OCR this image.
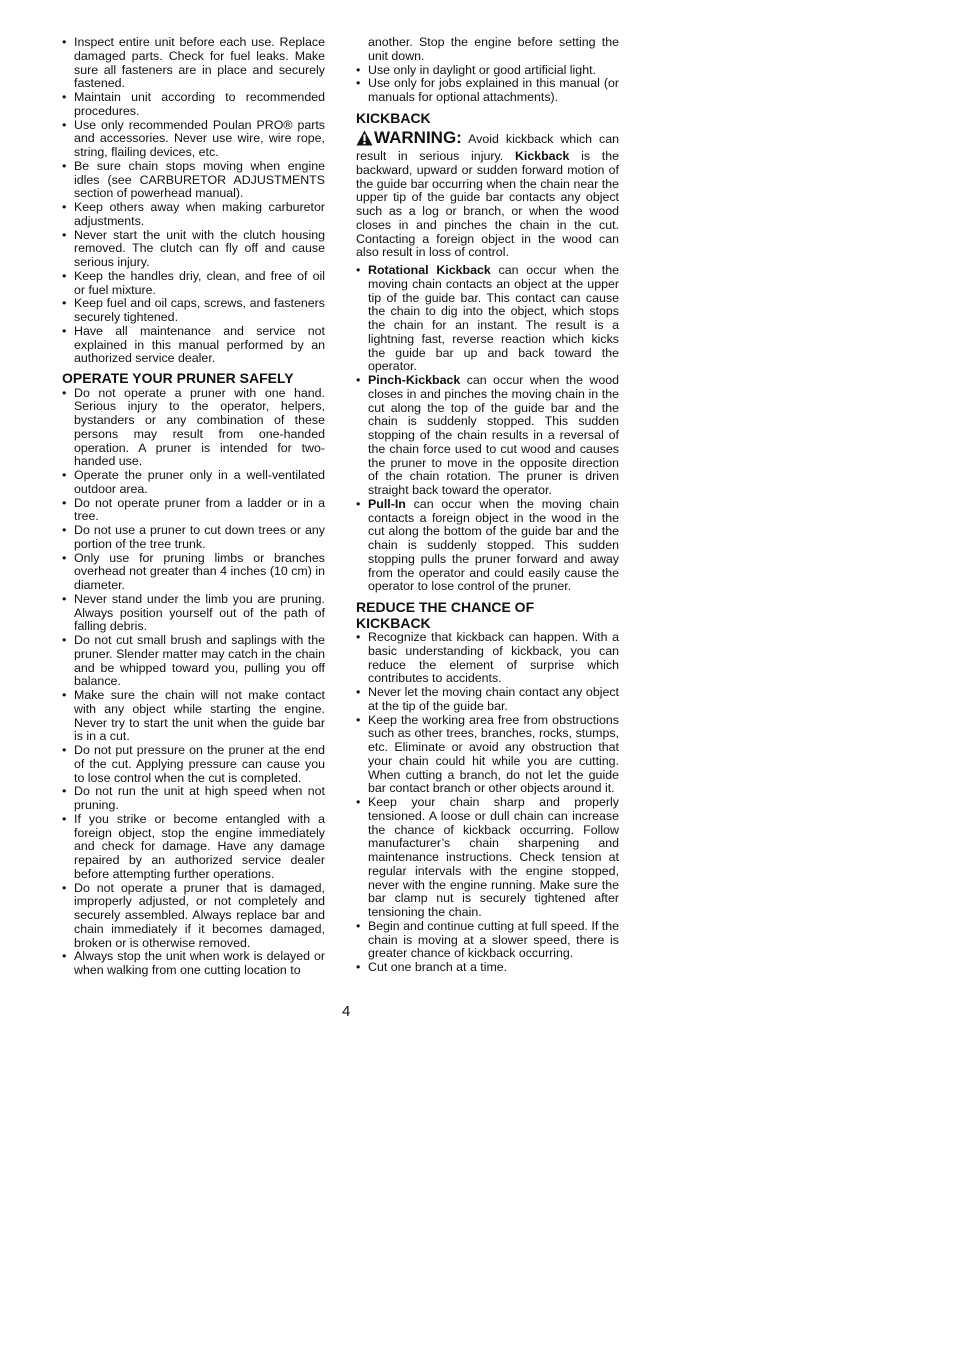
• Inspect entire unit before each use. Replace damaged parts. Check for fuel leaks. Make sure all fasteners are in place and securely fastened.
• Maintain unit according to recommended procedures.
• Use only recommended Poulan PRO® parts and accessories. Never use wire, wire rope, string, flailing devices, etc.
• Be sure chain stops moving when engine idles (see CARBURETOR ADJUSTMENTS section of powerhead manual).
• Keep others away when making carburetor adjustments.
• Never start the unit with the clutch housing removed. The clutch can fly off and cause serious injury.
• Keep the handles driy, clean, and free of oil or fuel mixture.
• Keep fuel and oil caps, screws, and fasteners securely tightened.
• Have all maintenance and service not explained in this manual performed by an authorized service dealer.
OPERATE YOUR PRUNER SAFELY
• Do not operate a pruner with one hand. Serious injury to the operator, helpers, bystanders or any combination of these persons may result from one-handed operation. A pruner is intended for two-handed use.
• Operate the pruner only in a well-ventilated outdoor area.
• Do not operate pruner from a ladder or in a tree.
• Do not use a pruner to cut down trees or any portion of the tree trunk.
• Only use for pruning limbs or branches overhead not greater than 4 inches (10 cm) in diameter.
• Never stand under the limb you are pruning. Always position yourself out of the path of falling debris.
• Do not cut small brush and saplings with the pruner. Slender matter may catch in the chain and be whipped toward you, pulling you off balance.
• Make sure the chain will not make contact with any object while starting the engine. Never try to start the unit when the guide bar is in a cut.
• Do not put pressure on the pruner at the end of the cut. Applying pressure can cause you to lose control when the cut is completed.
• Do not run the unit at high speed when not pruning.
• If you strike or become entangled with a foreign object, stop the engine immediately and check for damage. Have any damage repaired by an authorized service dealer before attempting further operations.
• Do not operate a pruner that is damaged, improperly adjusted, or not completely and securely assembled. Always replace bar and chain immediately if it becomes damaged, broken or is otherwise removed.
• Always stop the unit when work is delayed or when walking from one cutting location to

another. Stop the engine before setting the unit down.

• Use only in daylight or good artificial light.
• Use only for jobs explained in this manual (or manuals for optional attachments).
KICKBACK

WARNING: Avoid kickback which can result in serious injury. Kickback is the backward, upward or sudden forward motion of the guide bar occurring when the chain near the upper tip of the guide bar contacts any object such as a log or branch, or when the wood closes in and pinches the chain in the cut. Contacting a foreign object in the wood can also result in loss of control.

• Rotational Kickback can occur when the moving chain contacts an object at the upper tip of the guide bar. This contact can cause the chain to dig into the object, which stops the chain for an instant. The result is a lightning fast, reverse reaction which kicks the guide bar up and back toward the operator.
• Pinch-Kickback can occur when the wood closes in and pinches the moving chain in the cut along the top of the guide bar and the chain is suddenly stopped. This sudden stopping of the chain results in a reversal of the chain force used to cut wood and causes the pruner to move in the opposite direction of the chain rotation. The pruner is driven straight back toward the operator.
• Pull-In can occur when the moving chain contacts a foreign object in the wood in the cut along the bottom of the guide bar and the chain is suddenly stopped. This sudden stopping pulls the pruner forward and away from the operator and could easily cause the operator to lose control of the pruner.
REDUCE THE CHANCE OF
KICKBACK
• Recognize that kickback can happen. With a basic understanding of kickback, you can reduce the element of surprise which contributes to accidents.
• Never let the moving chain contact any object at the tip of the guide bar.
• Keep the working area free from obstructions such as other trees, branches, rocks, stumps, etc. Eliminate or avoid any obstruction that your chain could hit while you are cutting. When cutting a branch, do not let the guide bar contact branch or other objects around it.
• Keep your chain sharp and properly tensioned. A loose or dull chain can increase the chance of kickback occurring. Follow manufacturer’s chain sharpening and maintenance instructions. Check tension at regular intervals with the engine stopped, never with the engine running. Make sure the bar clamp nut is securely tightened after tensioning the chain.
• Begin and continue cutting at full speed. If the chain is moving at a slower speed, there is greater chance of kickback occurring.
• Cut one branch at a time.
4
